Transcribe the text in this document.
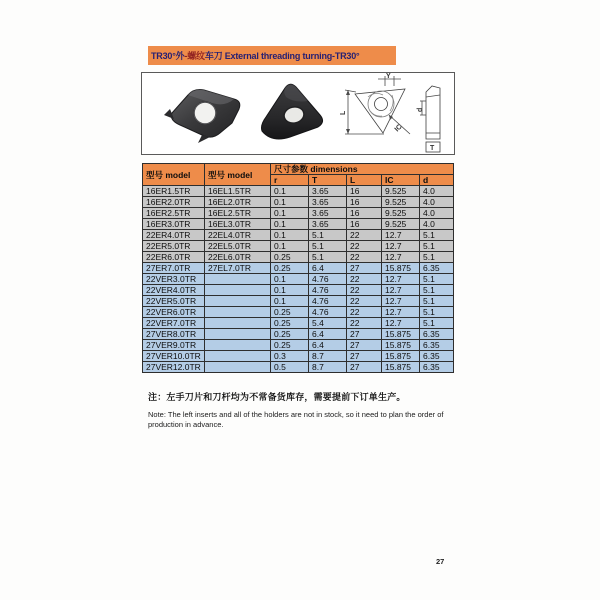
TR30°外 -螺纹 车刀 External threading turning-TR30°
Y
L
IC
d
T
型号 model	型号 model	尺寸参数 dimensions				
		r	T	L	IC	d
16ER1.5TR	16EL1.5TR	0.1	3.65	16	9.525	4.0
16ER2.0TR	16EL2.0TR	0.1	3.65	16	9.525	4.0
16ER2.5TR	16EL2.5TR	0.1	3.65	16	9.525	4.0
16ER3.0TR	16EL3.0TR	0.1	3.65	16	9.525	4.0
22ER4.0TR	22EL4.0TR	0.1	5.1	22	12.7	5.1
22ER5.0TR	22EL5.0TR	0.1	5.1	22	12.7	5.1
22ER6.0TR	22EL6.0TR	0.25	5.1	22	12.7	5.1
27ER7.0TR	27EL7.0TR	0.25	6.4	27	15.875	6.35
22VER3.0TR		0.1	4.76	22	12.7	5.1
22VER4.0TR		0.1	4.76	22	12.7	5.1
22VER5.0TR		0.1	4.76	22	12.7	5.1
22VER6.0TR		0.25	4.76	22	12.7	5.1
22VER7.0TR		0.25	5.4	22	12.7	5.1
27VER8.0TR		0.25	6.4	27	15.875	6.35
27VER9.0TR		0.25	6.4	27	15.875	6.35
27VER10.0TR		0.3	8.7	27	15.875	6.35
27VER12.0TR		0.5	8.7	27	15.875	6.35
注：左手刀片和刀杆均为不常备货库存，需要提前下订单生产。
Note: The left inserts and all of the holders are not in stock, so it need to plan the order of production in advance.
27
